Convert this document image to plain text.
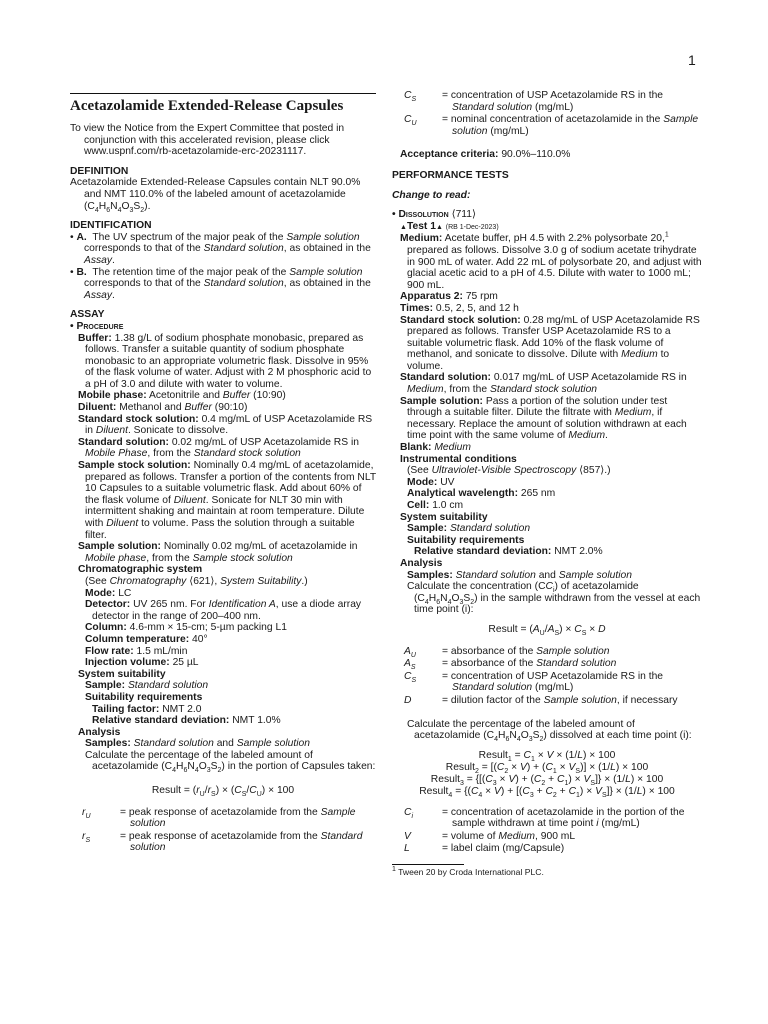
1
Acetazolamide Extended-Release Capsules

To view the Notice from the Expert Committee that posted in conjunction with this accelerated revision, please click www.uspnf.com/rb-acetazolamide-erc-20231117.

DEFINITION

Acetazolamide Extended-Release Capsules contain NLT 90.0% and NMT 110.0% of the labeled amount of acetazolamide $(C_4H_6N_4O_3S_2)$.

IDENTIFICATION

• A.  The UV spectrum of the major peak of the Sample solution corresponds to that of the Standard solution, as obtained in the Assay.

• B.  The retention time of the major peak of the Sample solution corresponds to that of the Standard solution, as obtained in the Assay.

ASSAY

• Procedure

Buffer: 1.38 g/L of sodium phosphate monobasic, prepared as follows. Transfer a suitable quantity of sodium phosphate monobasic to an appropriate volumetric flask. Dissolve in 95% of the flask volume of water. Adjust with 2 M phosphoric acid to a pH of 3.0 and dilute with water to volume.

Mobile phase: Acetonitrile and Buffer (10:90)

Diluent: Methanol and Buffer (90:10)

Standard stock solution: 0.4 mg/mL of USP Acetazolamide RS in Diluent. Sonicate to dissolve.

Standard solution: 0.02 mg/mL of USP Acetazolamide RS in Mobile Phase, from the Standard stock solution

Sample stock solution: Nominally 0.4 mg/mL of acetazolamide, prepared as follows. Transfer a portion of the contents from NLT 10 Capsules to a suitable volumetric flask. Add about 60% of the flask volume of Diluent. Sonicate for NLT 30 min with intermittent shaking and maintain at room temperature. Dilute with Diluent to volume. Pass the solution through a suitable filter.

Sample solution: Nominally 0.02 mg/mL of acetazolamide in Mobile phase, from the Sample stock solution

Chromatographic system

(See Chromatography ⟨621⟩, System Suitability.)

Mode: LC

Detector: UV 265 nm. For Identification A, use a diode array detector in the range of 200–400 nm.

Column: 4.6-mm × 15-cm; 5-µm packing L1

Column temperature: 40°

Flow rate: 1.5 mL/min

Injection volume: 25 µL

System suitability

Sample: Standard solution

Suitability requirements

Tailing factor: NMT 2.0

Relative standard deviation: NMT 1.0%

Analysis

Samples: Standard solution and Sample solution

Calculate the percentage of the labeled amount of acetazolamide $(C_4H_6N_4O_3S_2)$ in the portion of Capsules taken:

Result = $(r_U/r_S) \times (C_S/C_U) \times 100$

$r_U$	= peak response of acetazolamide from the Sample solution
$r_S$	= peak response of acetazolamide from the Standard solution
$C_S$	= concentration of USP Acetazolamide RS in the Standard solution (mg/mL)
$C_U$	= nominal concentration of acetazolamide in the Sample solution (mg/mL)

Acceptance criteria: 90.0%–110.0%

PERFORMANCE TESTS

Change to read:

• Dissolution ⟨711⟩

▲Test 1▲ (RB 1-Dec-2023)

Medium: Acetate buffer, pH 4.5 with 2.2% polysorbate 20,$^1$ prepared as follows. Dissolve 3.0 g of sodium acetate trihydrate in 900 mL of water. Add 22 mL of polysorbate 20, and adjust with glacial acetic acid to a pH of 4.5. Dilute with water to 1000 mL; 900 mL.

Apparatus 2: 75 rpm

Times: 0.5, 2, 5, and 12 h

Standard stock solution: 0.28 mg/mL of USP Acetazolamide RS prepared as follows. Transfer USP Acetazolamide RS to a suitable volumetric flask. Add 10% of the flask volume of methanol, and sonicate to dissolve. Dilute with Medium to volume.

Standard solution: 0.017 mg/mL of USP Acetazolamide RS in Medium, from the Standard stock solution

Sample solution: Pass a portion of the solution under test through a suitable filter. Dilute the filtrate with Medium, if necessary. Replace the amount of solution withdrawn at each time point with the same volume of Medium.

Blank: Medium

Instrumental conditions

(See Ultraviolet-Visible Spectroscopy ⟨857⟩.)

Mode: UV

Analytical wavelength: 265 nm

Cell: 1.0 cm

System suitability

Sample: Standard solution

Suitability requirements

Relative standard deviation: NMT 2.0%

Analysis

Samples: Standard solution and Sample solution

Calculate the concentration $(CC_i)$ of acetazolamide $(C_4H_6N_4O_3S_2)$ in the sample withdrawn from the vessel at each time point (i):

Result = $(A_U/A_S) \times C_S \times D$

$A_U$	= absorbance of the Sample solution
$A_S$	= absorbance of the Standard solution
$C_S$	= concentration of USP Acetazolamide RS in the Standard solution (mg/mL)
D	= dilution factor of the Sample solution, if necessary

Calculate the percentage of the labeled amount of acetazolamide $(C_4H_6N_4O_3S_2)$ dissolved at each time point (i):

Result$_1$ = $C_1 \times V \times (1/L) \times 100$

Result$_2$ = $[(C_2 \times V) + (C_1 \times V_S)] \times (1/L) \times 100$

Result$_3$ = $\{[(C_3 \times V) + (C_2 + C_1) \times V_S]\} \times (1/L) \times 100$

Result$_4$ = $\{(C_4 \times V) + [(C_3 + C_2 + C_1) \times V_S]\} \times (1/L) \times 100$

$C_i$	= concentration of acetazolamide in the portion of the sample withdrawn at time point i (mg/mL)
V	= volume of Medium, 900 mL
L	= label claim (mg/Capsule)

$^1$ Tween 20 by Croda International PLC.
